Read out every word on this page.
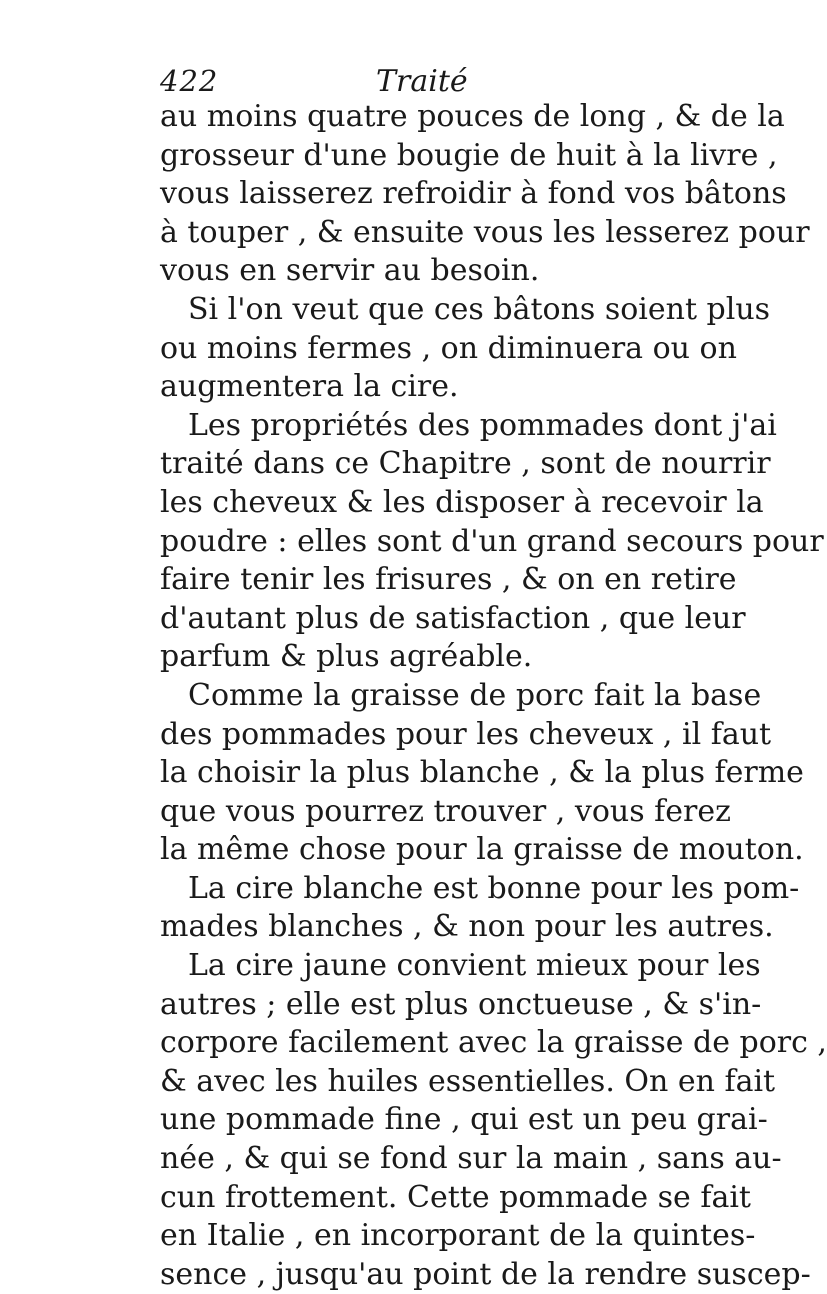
422	Traité
au moins quatre pouces de long , & de la
grosseur d'une bougie de huit à la livre ,
vous laisserez refroidir à fond vos bâtons
à touper , & ensuite vous les lesserez pour
vous en servir au besoin.
Si l'on veut que ces bâtons soient plus
ou moins fermes , on diminuera ou on
augmentera la cire.
Les propriétés des pommades dont j'ai
traité dans ce Chapitre , sont de nourrir
les cheveux & les disposer à recevoir la
poudre : elles sont d'un grand secours pour
faire tenir les frisures , & on en retire
d'autant plus de satisfaction , que leur
parfum & plus agréable.
Comme la graisse de porc fait la base
des pommades pour les cheveux , il faut
la choisir la plus blanche , & la plus ferme
que vous pourrez trouver , vous ferez
la même chose pour la graisse de mouton.
La cire blanche est bonne pour les pom-
mades blanches , & non pour les autres.
La cire jaune convient mieux pour les
autres ; elle est plus onctueuse , & s'in-
corpore facilement avec la graisse de porc ,
& avec les huiles essentielles. On en fait
une pommade fine , qui est un peu grai-
née , & qui se fond sur la main , sans au-
cun frottement. Cette pommade se fait
en Italie , en incorporant de la quintes-
sence , jusqu'au point de la rendre suscep-
